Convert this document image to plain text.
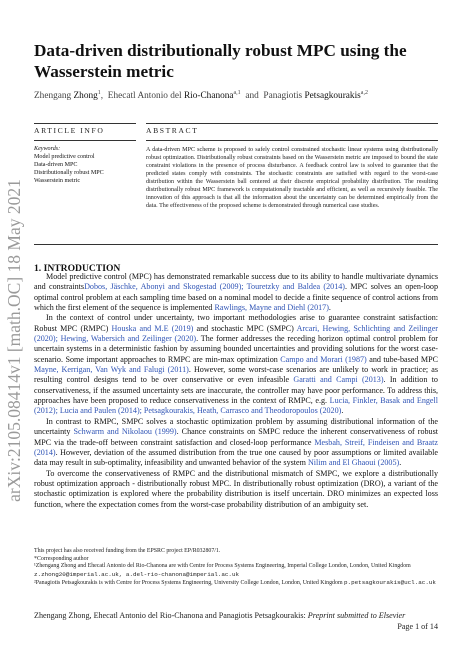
arXiv:2105.08414v1 [math.OC] 18 May 2021
Data-driven distributionally robust MPC using the Wasserstein metric
Zhengang Zhong$^1$,  Ehecatl Antonio del Rio-Chanona$^{a,1}$  and  Panagiotis Petsagkourakis$^{a,2}$
ARTICLE INFO	ABSTRACT
Keywords:
Model predictive control
Data-driven MPC
Distributionally robust MPC
Wasserstein metric
A data-driven MPC scheme is proposed to safely control constrained stochastic linear systems using distributionally robust optimization. Distributionally robust constraints based on the Wasserstein metric are imposed to bound the state constraint violations in the presence of process disturbance. A feedback control law is solved to guarantee that the predicted states comply with constraints. The stochastic constraints are satisfied with regard to the worst-case distribution within the Wasserstein ball centered at their discrete empirical probability distribution. The resulting distributionally robust MPC framework is computationally tractable and efficient, as well as recursively feasible. The innovation of this approach is that all the information about the uncertainty can be determined empirically from the data. The effectiveness of the proposed scheme is demonstrated through numerical case studies.
1. INTRODUCTION

Model predictive control (MPC) has demonstrated remarkable success due to its ability to handle multivariate dynamics and constraintsDobos, Jäschke, Abonyi and Skogestad (2009); Touretzky and Baldea (2014). MPC solves an open-loop optimal control problem at each sampling time based on a nominal model to decide a finite sequence of control actions from which the first element of the sequence is implemented Rawlings, Mayne and Diehl (2017).

In the context of control under uncertainty, two important methodologies arise to guarantee constraint satisfaction: Robust MPC (RMPC) Houska and M.E (2019) and stochastic MPC (SMPC) Arcari, Hewing, Schlichting and Zeilinger (2020); Hewing, Wabersich and Zeilinger (2020). The former addresses the receding horizon optimal control problem for uncertain systems in a deterministic fashion by assuming bounded uncertainties and providing solutions for the worst case-scenario. Some important approaches to RMPC are min-max optimization Campo and Morari (1987) and tube-based MPC Mayne, Kerrigan, Van Wyk and Falugi (2011). However, some worst-case scenarios are unlikely to work in practice; as resulting control designs tend to be over conservative or even infeasible Garatti and Campi (2013). In addition to conservativeness, if the assumed uncertainty sets are inaccurate, the controller may have poor performance. To address this, approaches have been proposed to reduce conservativeness in the context of RMPC, e.g. Lucia, Finkler, Basak and Engell (2012); Lucia and Paulen (2014); Petsagkourakis, Heath, Carrasco and Theodoropoulos (2020).

In contrast to RMPC, SMPC solves a stochastic optimization problem by assuming distributional information of the uncertainty Schwarm and Nikolaou (1999). Chance constraints on SMPC reduce the inherent conservativeness of robust MPC via the trade-off between constraint satisfaction and closed-loop performance Mesbah, Streif, Findeisen and Braatz (2014). However, deviation of the assumed distribution from the true one caused by poor assumptions or limited available data may result in sub-optimality, infeasibility and unwanted behavior of the system Nilim and El Ghaoui (2005).

To overcome the conservativeness of RMPC and the distributional mismatch of SMPC, we explore a distributionally robust optimization approach - distributionally robust MPC. In distributionally robust optimization (DRO), a variant of the stochastic optimization is explored where the probability distribution is itself uncertain. DRO minimizes an expected loss function, where the expectation comes from the worst-case probability distribution of an ambiguity set.

This project has also received funding from the EPSRC project EP/R032807/1.
*Corresponding author
¹Zhengang Zhong and Ehecatl Antonio del Rio-Chanona are with Centre for Process Systems Engineering, Imperial College London, London, United Kingdom z.zhong20@imperial.ac.uk, a.del-rio-chanona@imperial.ac.uk
²Panagiotis Petsagkourakis is with Centre for Process Systems Engineering, University College London, London, United Kingdom p.petsagkourakis@ucl.ac.uk
Zhengang Zhong, Ehecatl Antonio del Rio-Chanona and Panagiotis Petsagkourakis: Preprint submitted to Elsevier
Page 1 of 14
